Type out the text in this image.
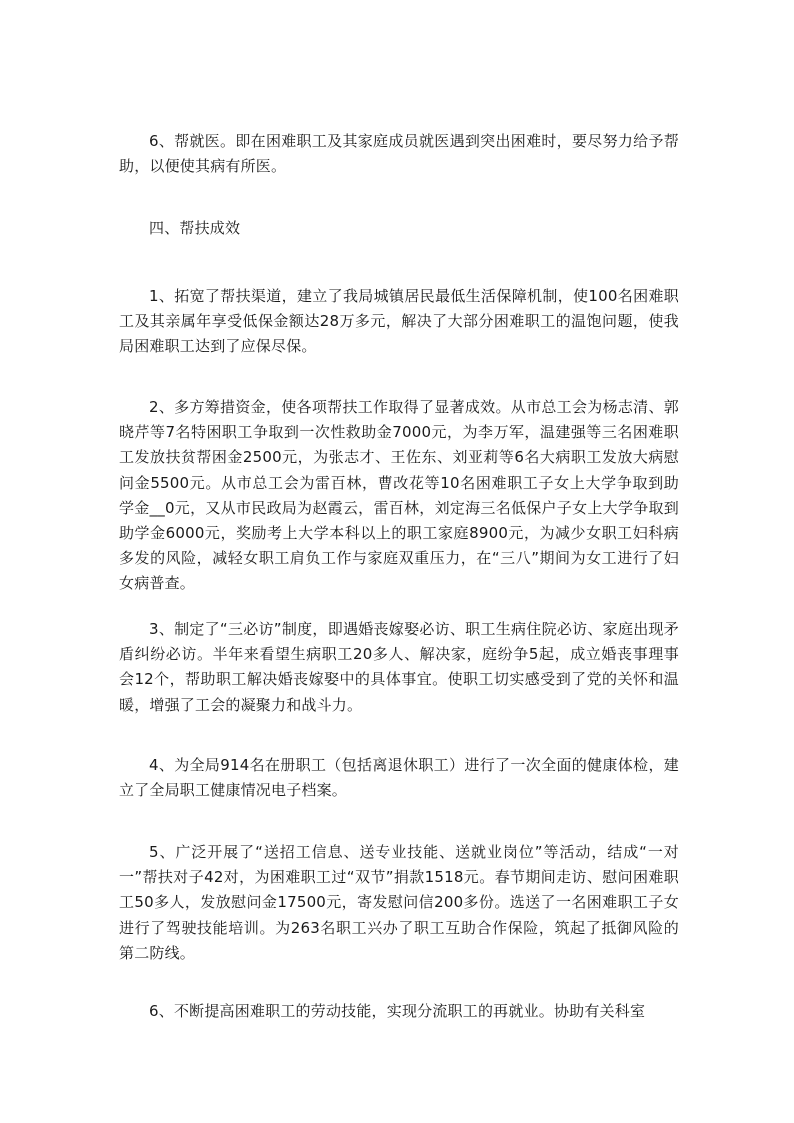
6、帮就医。即在困难职工及其家庭成员就医遇到突出困难时，要尽努力给予帮助，以便使其病有所医。

四、帮扶成效

1、拓宽了帮扶渠道，建立了我局城镇居民最低生活保障机制，使100名困难职工及其亲属年享受低保金额达28万多元，解决了大部分困难职工的温饱问题，使我局困难职工达到了应保尽保。

2、多方筹措资金，使各项帮扶工作取得了显著成效。从市总工会为杨志清、郭晓芹等7名特困职工争取到一次性救助金7000元，为李万军，温建强等三名困难职工发放扶贫帮困金2500元，为张志才、王佐东、刘亚莉等6名大病职工发放大病慰问金5500元。从市总工会为雷百林，曹改花等10名困难职工子女上大学争取到助学金__0元，又从市民政局为赵霞云，雷百林，刘定海三名低保户子女上大学争取到助学金6000元，奖励考上大学本科以上的职工家庭8900元，为减少女职工妇科病多发的风险，减轻女职工肩负工作与家庭双重压力，在“三八”期间为女工进行了妇女病普查。

3、制定了“三必访”制度，即遇婚丧嫁娶必访、职工生病住院必访、家庭出现矛盾纠纷必访。半年来看望生病职工20多人、解决家，庭纷争5起，成立婚丧事理事会12个，帮助职工解决婚丧嫁娶中的具体事宜。使职工切实感受到了党的关怀和温暖，增强了工会的凝聚力和战斗力。

4、为全局914名在册职工（包括离退休职工）进行了一次全面的健康体检，建立了全局职工健康情况电子档案。

5、广泛开展了“送招工信息、送专业技能、送就业岗位”等活动，结成“一对一”帮扶对子42对，为困难职工过“双节”捐款1518元。春节期间走访、慰问困难职工50多人，发放慰问金17500元，寄发慰问信200多份。选送了一名困难职工子女进行了驾驶技能培训。为263名职工兴办了职工互助合作保险，筑起了抵御风险的第二防线。

6、不断提高困难职工的劳动技能，实现分流职工的再就业。协助有关科室
